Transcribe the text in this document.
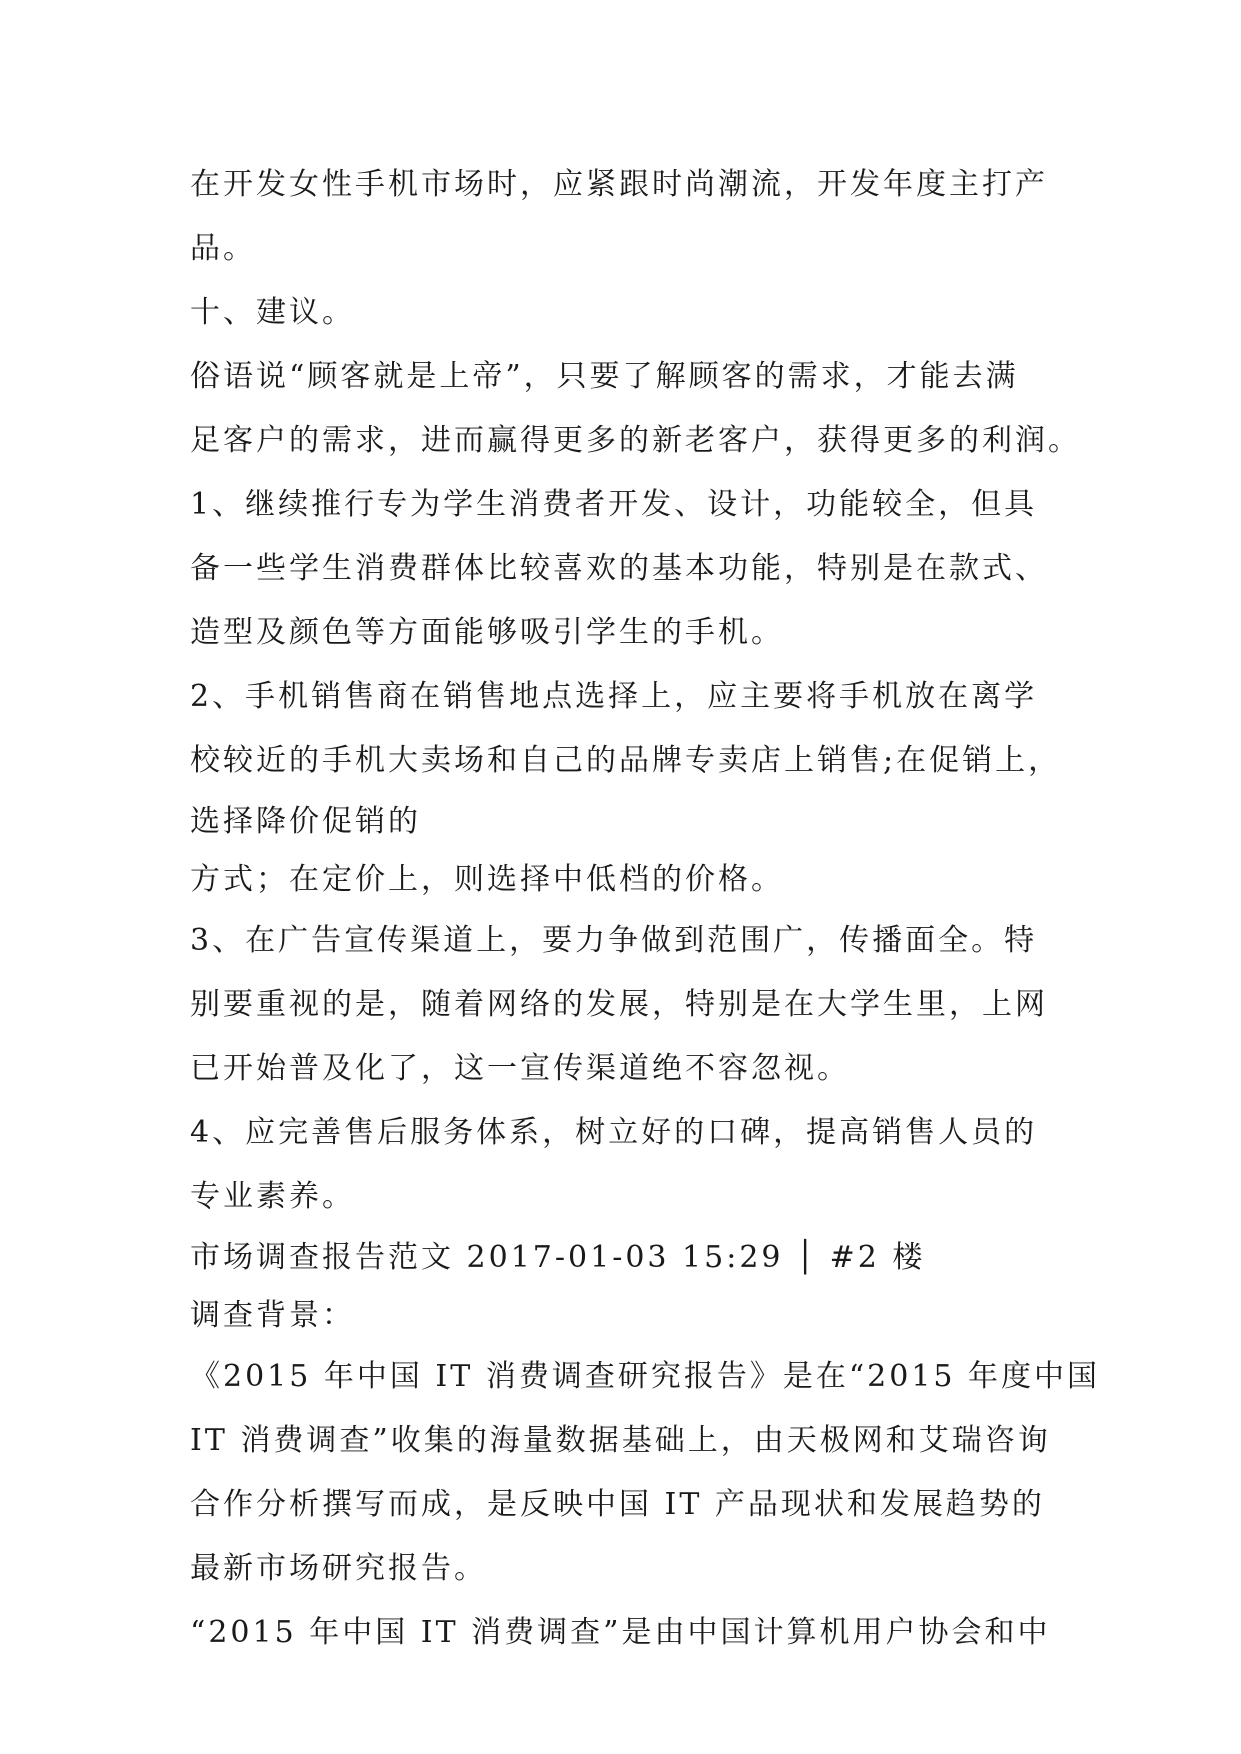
在开发女性手机市场时，应紧跟时尚潮流，开发年度主打产
品。
十、建议。
俗语说“顾客就是上帝”，只要了解顾客的需求，才能去满
足客户的需求，进而赢得更多的新老客户，获得更多的利润。
1、继续推行专为学生消费者开发、设计，功能较全，但具
备一些学生消费群体比较喜欢的基本功能，特别是在款式、
造型及颜色等方面能够吸引学生的手机。
2、手机销售商在销售地点选择上，应主要将手机放在离学
校较近的手机大卖场和自己的品牌专卖店上销售;在促销上，
选择降价促销的
方式；在定价上，则选择中低档的价格。
3、在广告宣传渠道上，要力争做到范围广，传播面全。特
别要重视的是，随着网络的发展，特别是在大学生里，上网
已开始普及化了，这一宣传渠道绝不容忽视。
4、应完善售后服务体系，树立好的口碑，提高销售人员的
专业素养。
市场调查报告范文 2017-01-03 15:29 │ #2 楼
调查背景：
《2015 年中国 IT 消费调查研究报告》是在“2015 年度中国
IT 消费调查”收集的海量数据基础上，由天极网和艾瑞咨询
合作分析撰写而成，是反映中国 IT 产品现状和发展趋势的
最新市场研究报告。
“2015 年中国 IT 消费调查”是由中国计算机用户协会和中
